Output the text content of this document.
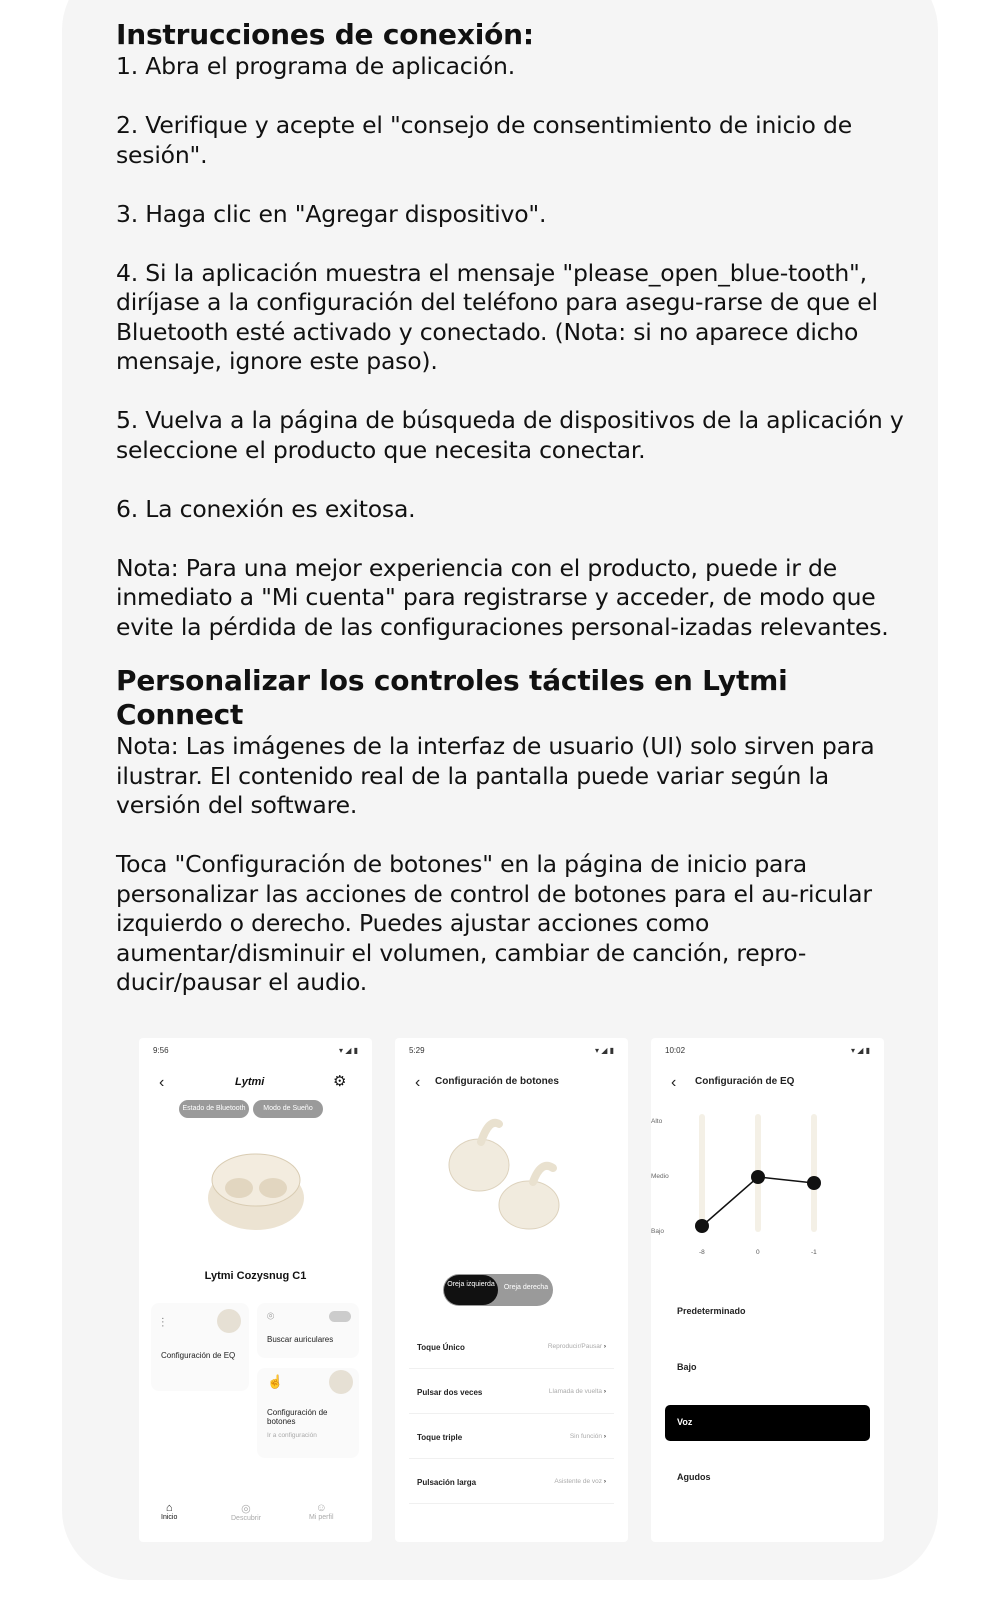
Instrucciones de conexión:

1. Abra el programa de aplicación.

2. Verifique y acepte el "consejo de consentimiento de inicio de sesión".

3. Haga clic en "Agregar dispositivo".

4. Si la aplicación muestra el mensaje "please_open_blue-tooth", diríjase a la configuración del teléfono para asegu-rarse de que el Bluetooth esté activado y conectado. (Nota: si no aparece dicho mensaje, ignore este paso).

5. Vuelva a la página de búsqueda de dispositivos de la aplicación y seleccione el producto que necesita conectar.

6. La conexión es exitosa.

Nota: Para una mejor experiencia con el producto, puede ir de inmediato a "Mi cuenta" para registrarse y acceder, de modo que evite la pérdida de las configuraciones personal-izadas relevantes.

Personalizar los controles táctiles en Lytmi Connect

Nota: Las imágenes de la interfaz de usuario (UI) solo sirven para ilustrar. El contenido real de la pantalla puede variar según la versión del software.

Toca "Configuración de botones" en la página de inicio para personalizar las acciones de control de botones para el au-ricular izquierdo o derecho. Puedes ajustar acciones como aumentar/disminuir el volumen, cambiar de canción, repro-ducir/pausar el audio.

9:56	▾ ◢ ▮
‹	Lytmi	⚙
Estado de Bluetooth	Modo de Sueño
Lytmi Cozysnug C1
⫶
Configuración de EQ
⌾
Buscar auriculares
☝
Configuración de botones
Ir a configuración
⌂
Inicio
◎
Descubrir
☺
Mi perfil
5:29	▾ ◢ ▮
‹ Configuración de botones
Oreja izquierda	Oreja derecha
Toque Único	Reproducir/Pausar ›
Pulsar dos veces	Llamada de vuelta ›
Toque triple	Sin función ›
Pulsación larga	Asistente de voz ›
10:02	▾ ◢ ▮
‹ Configuración de EQ
Alto
Medio
Bajo
-8	0	-1
Predeterminado
Bajo
Voz
Agudos
